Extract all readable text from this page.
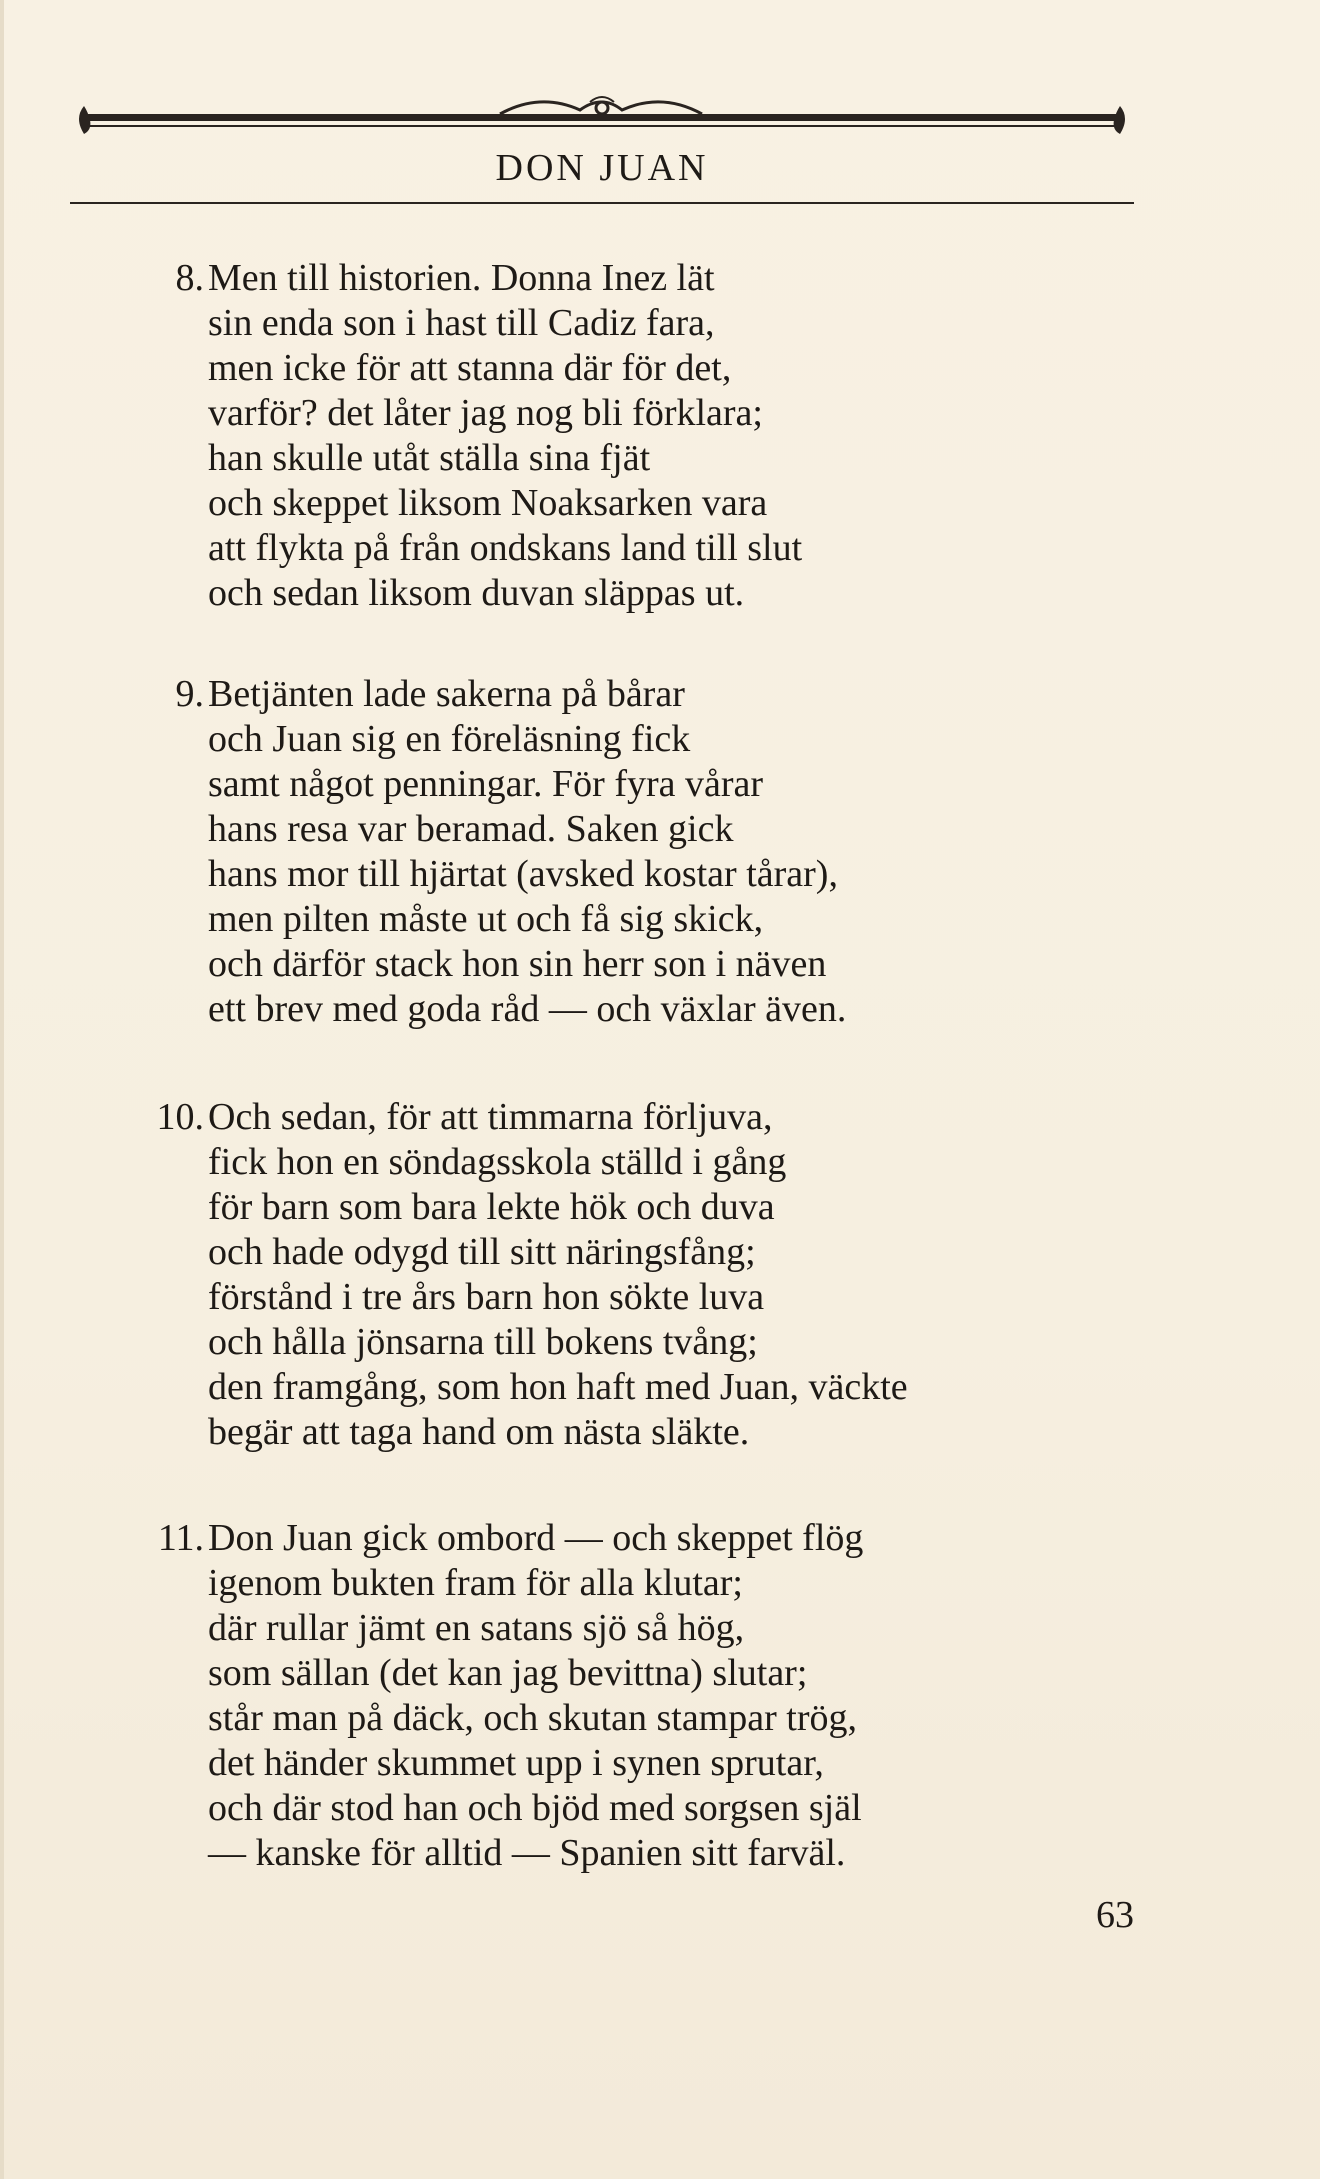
DON JUAN
8. Men till historien. Donna Inez lät
sin enda son i hast till Cadiz fara,
men icke för att stanna där för det,
varför? det låter jag nog bli förklara;
han skulle utåt ställa sina fjät
och skeppet liksom Noaksarken vara
att flykta på från ondskans land till slut
och sedan liksom duvan släppas ut.
9. Betjänten lade sakerna på bårar
och Juan sig en föreläsning fick
samt något penningar. För fyra vårar
hans resa var beramad. Saken gick
hans mor till hjärtat (avsked kostar tårar),
men pilten måste ut och få sig skick,
och därför stack hon sin herr son i näven
ett brev med goda råd — och växlar även.
10. Och sedan, för att timmarna förljuva,
fick hon en söndagsskola ställd i gång
för barn som bara lekte hök och duva
och hade odygd till sitt näringsfång;
förstånd i tre års barn hon sökte luva
och hålla jönsarna till bokens tvång;
den framgång, som hon haft med Juan, väckte
begär att taga hand om nästa släkte.
11. Don Juan gick ombord — och skeppet flög
igenom bukten fram för alla klutar;
där rullar jämt en satans sjö så hög,
som sällan (det kan jag bevittna) slutar;
står man på däck, och skutan stampar trög,
det händer skummet upp i synen sprutar,
och där stod han och bjöd med sorgsen själ
— kanske för alltid — Spanien sitt farväl.
63
